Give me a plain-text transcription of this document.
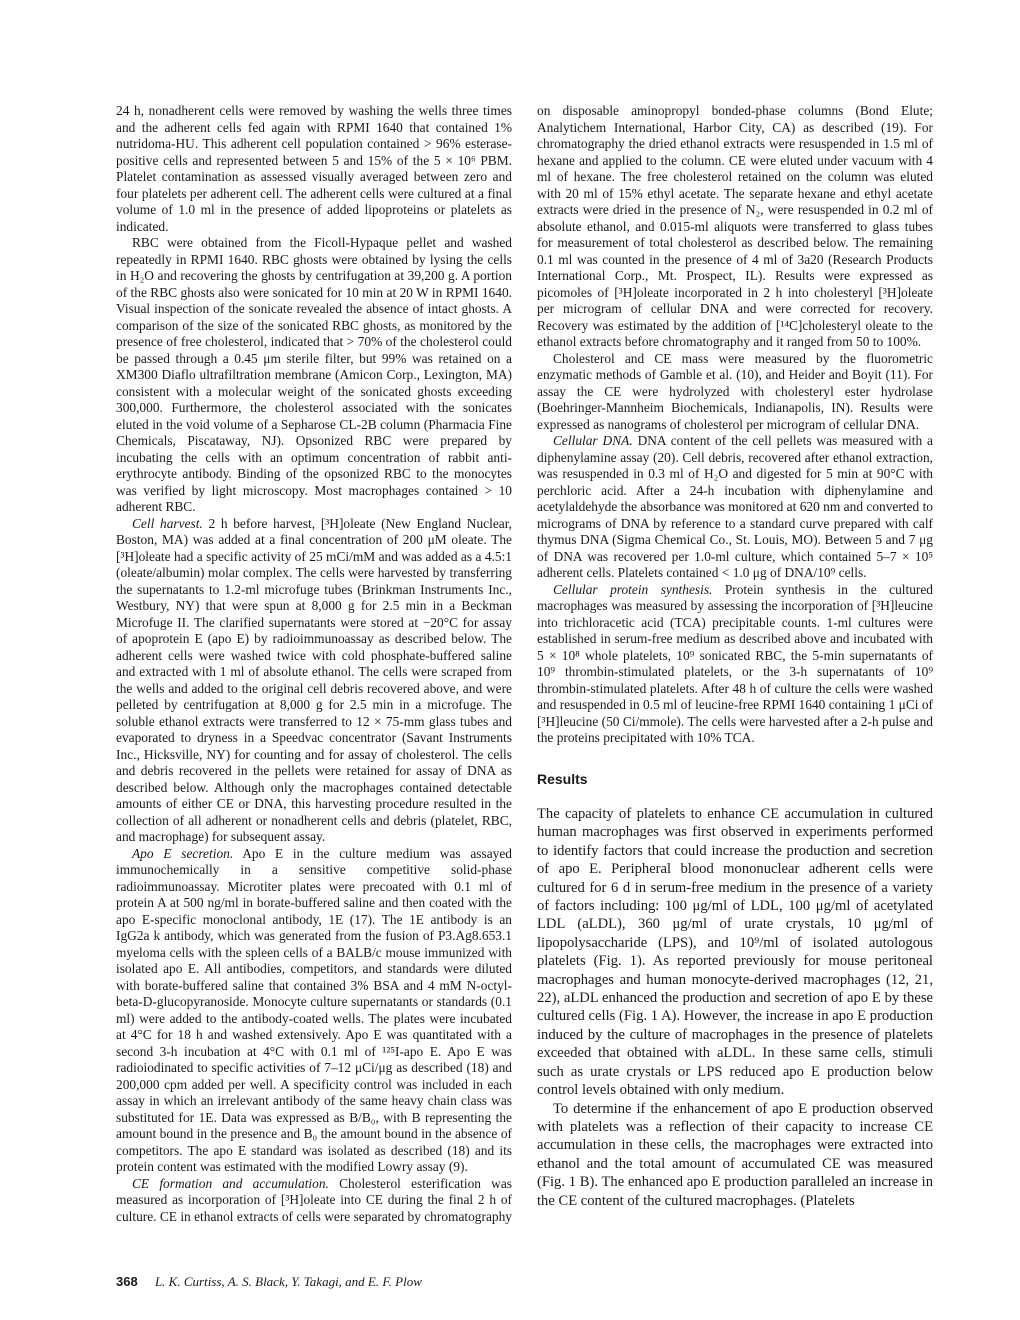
24 h, nonadherent cells were removed by washing the wells three times and the adherent cells fed again with RPMI 1640 that contained 1% nutridoma-HU. This adherent cell population contained > 96% esterase-positive cells and represented between 5 and 15% of the 5 × 10⁶ PBM. Platelet contamination as assessed visually averaged between zero and four platelets per adherent cell. The adherent cells were cultured at a final volume of 1.0 ml in the presence of added lipoproteins or platelets as indicated.

RBC were obtained from the Ficoll-Hypaque pellet and washed repeatedly in RPMI 1640. RBC ghosts were obtained by lysing the cells in H₂O and recovering the ghosts by centrifugation at 39,200 g. A portion of the RBC ghosts also were sonicated for 10 min at 20 W in RPMI 1640. Visual inspection of the sonicate revealed the absence of intact ghosts. A comparison of the size of the sonicated RBC ghosts, as monitored by the presence of free cholesterol, indicated that > 70% of the cholesterol could be passed through a 0.45 μm sterile filter, but 99% was retained on a XM300 Diaflo ultrafiltration membrane (Amicon Corp., Lexington, MA) consistent with a molecular weight of the sonicated ghosts exceeding 300,000. Furthermore, the cholesterol associated with the sonicates eluted in the void volume of a Sepharose CL-2B column (Pharmacia Fine Chemicals, Piscataway, NJ). Opsonized RBC were prepared by incubating the cells with an optimum concentration of rabbit anti-erythrocyte antibody. Binding of the opsonized RBC to the monocytes was verified by light microscopy. Most macrophages contained > 10 adherent RBC.

Cell harvest. 2 h before harvest, [³H]oleate (New England Nuclear, Boston, MA) was added at a final concentration of 200 μM oleate. The [³H]oleate had a specific activity of 25 mCi/mM and was added as a 4.5:1 (oleate/albumin) molar complex. The cells were harvested by transferring the supernatants to 1.2-ml microfuge tubes (Brinkman Instruments Inc., Westbury, NY) that were spun at 8,000 g for 2.5 min in a Beckman Microfuge II. The clarified supernatants were stored at −20°C for assay of apoprotein E (apo E) by radioimmunoassay as described below. The adherent cells were washed twice with cold phosphate-buffered saline and extracted with 1 ml of absolute ethanol. The cells were scraped from the wells and added to the original cell debris recovered above, and were pelleted by centrifugation at 8,000 g for 2.5 min in a microfuge. The soluble ethanol extracts were transferred to 12 × 75-mm glass tubes and evaporated to dryness in a Speedvac concentrator (Savant Instruments Inc., Hicksville, NY) for counting and for assay of cholesterol. The cells and debris recovered in the pellets were retained for assay of DNA as described below. Although only the macrophages contained detectable amounts of either CE or DNA, this harvesting procedure resulted in the collection of all adherent or nonadherent cells and debris (platelet, RBC, and macrophage) for subsequent assay.

Apo E secretion. Apo E in the culture medium was assayed immunochemically in a sensitive competitive solid-phase radioimmunoassay. Microtiter plates were precoated with 0.1 ml of protein A at 500 ng/ml in borate-buffered saline and then coated with the apo E-specific monoclonal antibody, 1E (17). The 1E antibody is an IgG2a k antibody, which was generated from the fusion of P3.Ag8.653.1 myeloma cells with the spleen cells of a BALB/c mouse immunized with isolated apo E. All antibodies, competitors, and standards were diluted with borate-buffered saline that contained 3% BSA and 4 mM N-octyl-beta-D-glucopyranoside. Monocyte culture supernatants or standards (0.1 ml) were added to the antibody-coated wells. The plates were incubated at 4°C for 18 h and washed extensively. Apo E was quantitated with a second 3-h incubation at 4°C with 0.1 ml of ¹²⁵I-apo E. Apo E was radioiodinated to specific activities of 7–12 μCi/μg as described (18) and 200,000 cpm added per well. A specificity control was included in each assay in which an irrelevant antibody of the same heavy chain class was substituted for 1E. Data was expressed as B/B₀, with B representing the amount bound in the presence and B₀ the amount bound in the absence of competitors. The apo E standard was isolated as described (18) and its protein content was estimated with the modified Lowry assay (9).

CE formation and accumulation. Cholesterol esterification was measured as incorporation of [³H]oleate into CE during the final 2 h of culture. CE in ethanol extracts of cells were separated by chromatography

on disposable aminopropyl bonded-phase columns (Bond Elute; Analytichem International, Harbor City, CA) as described (19). For chromatography the dried ethanol extracts were resuspended in 1.5 ml of hexane and applied to the column. CE were eluted under vacuum with 4 ml of hexane. The free cholesterol retained on the column was eluted with 20 ml of 15% ethyl acetate. The separate hexane and ethyl acetate extracts were dried in the presence of N₂, were resuspended in 0.2 ml of absolute ethanol, and 0.015-ml aliquots were transferred to glass tubes for measurement of total cholesterol as described below. The remaining 0.1 ml was counted in the presence of 4 ml of 3a20 (Research Products International Corp., Mt. Prospect, IL). Results were expressed as picomoles of [³H]oleate incorporated in 2 h into cholesteryl [³H]oleate per microgram of cellular DNA and were corrected for recovery. Recovery was estimated by the addition of [¹⁴C]cholesteryl oleate to the ethanol extracts before chromatography and it ranged from 50 to 100%.

Cholesterol and CE mass were measured by the fluorometric enzymatic methods of Gamble et al. (10), and Heider and Boyit (11). For assay the CE were hydrolyzed with cholesteryl ester hydrolase (Boehringer-Mannheim Biochemicals, Indianapolis, IN). Results were expressed as nanograms of cholesterol per microgram of cellular DNA.

Cellular DNA. DNA content of the cell pellets was measured with a diphenylamine assay (20). Cell debris, recovered after ethanol extraction, was resuspended in 0.3 ml of H₂O and digested for 5 min at 90°C with perchloric acid. After a 24-h incubation with diphenylamine and acetylaldehyde the absorbance was monitored at 620 nm and converted to micrograms of DNA by reference to a standard curve prepared with calf thymus DNA (Sigma Chemical Co., St. Louis, MO). Between 5 and 7 μg of DNA was recovered per 1.0-ml culture, which contained 5–7 × 10⁵ adherent cells. Platelets contained < 1.0 μg of DNA/10⁹ cells.

Cellular protein synthesis. Protein synthesis in the cultured macrophages was measured by assessing the incorporation of [³H]leucine into trichloracetic acid (TCA) precipitable counts. 1-ml cultures were established in serum-free medium as described above and incubated with 5 × 10⁸ whole platelets, 10⁹ sonicated RBC, the 5-min supernatants of 10⁹ thrombin-stimulated platelets, or the 3-h supernatants of 10⁹ thrombin-stimulated platelets. After 48 h of culture the cells were washed and resuspended in 0.5 ml of leucine-free RPMI 1640 containing 1 μCi of [³H]leucine (50 Ci/mmole). The cells were harvested after a 2-h pulse and the proteins precipitated with 10% TCA.

Results

The capacity of platelets to enhance CE accumulation in cultured human macrophages was first observed in experiments performed to identify factors that could increase the production and secretion of apo E. Peripheral blood mononuclear adherent cells were cultured for 6 d in serum-free medium in the presence of a variety of factors including: 100 μg/ml of LDL, 100 μg/ml of acetylated LDL (aLDL), 360 μg/ml of urate crystals, 10 μg/ml of lipopolysaccharide (LPS), and 10⁹/ml of isolated autologous platelets (Fig. 1). As reported previously for mouse peritoneal macrophages and human monocyte-derived macrophages (12, 21, 22), aLDL enhanced the production and secretion of apo E by these cultured cells (Fig. 1 A). However, the increase in apo E production induced by the culture of macrophages in the presence of platelets exceeded that obtained with aLDL. In these same cells, stimuli such as urate crystals or LPS reduced apo E production below control levels obtained with only medium.

To determine if the enhancement of apo E production observed with platelets was a reflection of their capacity to increase CE accumulation in these cells, the macrophages were extracted into ethanol and the total amount of accumulated CE was measured (Fig. 1 B). The enhanced apo E production paralleled an increase in the CE content of the cultured macrophages. (Platelets

368 L. K. Curtiss, A. S. Black, Y. Takagi, and E. F. Plow
